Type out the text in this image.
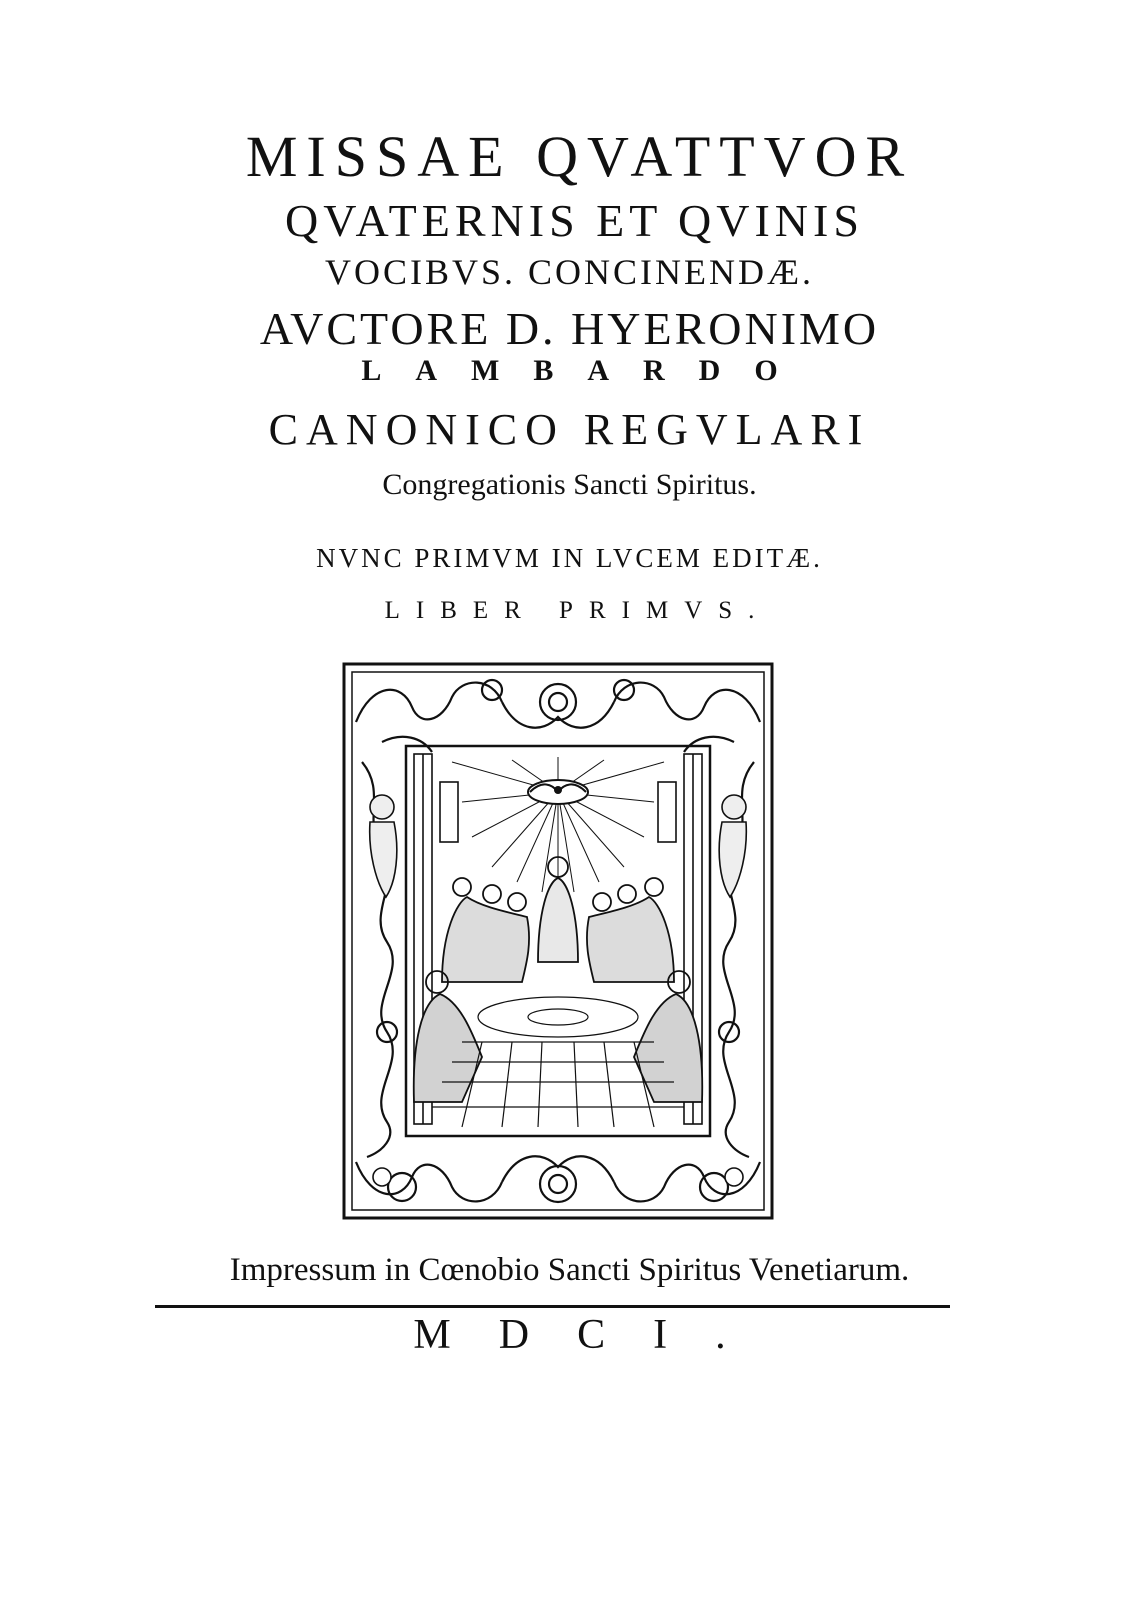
MISSAE QVATTVOR
QVATERNIS ET QVINIS
VOCIBVS. CONCINENDÆ.
AVCTORE D. HYERONIMO
LAMBARDO
CANONICO REGVLARI
Congregationis Sancti Spiritus.
NVNC PRIMVM IN LVCEM EDITÆ.
LIBER PRIMVS.
Impressum in Cœnobio Sancti Spiritus Venetiarum.
MDCI.
